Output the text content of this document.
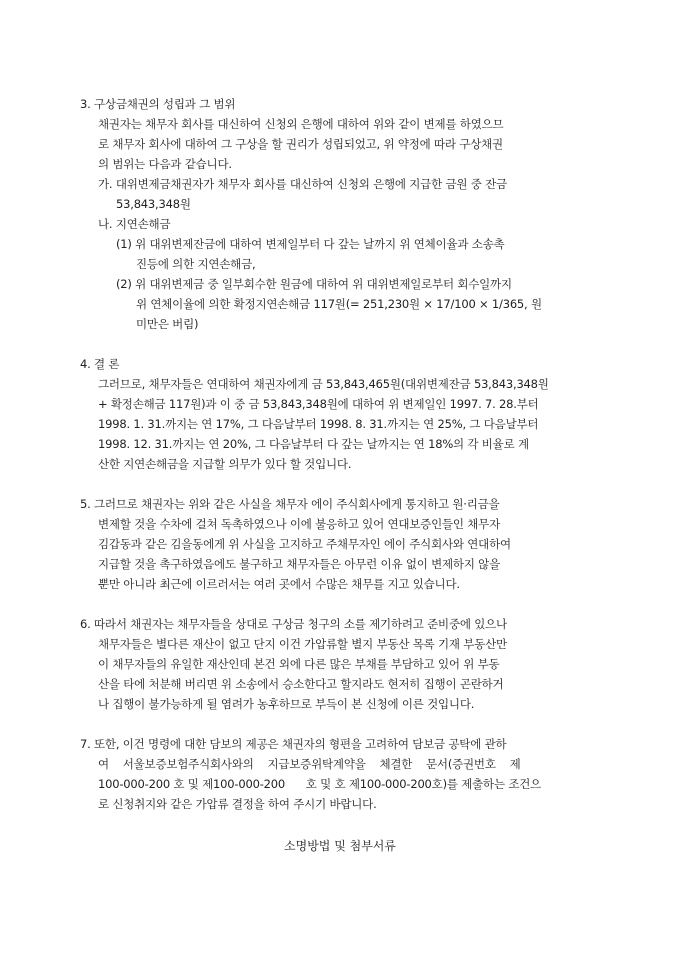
3. 구상금채권의 성립과 그 범위

채권자는 채무자 회사를 대신하여 신청외 은행에 대하여 위와 같이 변제를 하였으므

로 채무자 회사에 대하여 그 구상을 할 권리가 성립되었고, 위 약정에 따라 구상채권

의 범위는 다음과 같습니다.

가. 대위변제금채권자가 채무자 회사를 대신하여 신청외 은행에 지급한 금원 중 잔금

53,843,348원

나. 지연손해금

(1) 위 대위변제잔금에 대하여 변제일부터 다 갚는 날까지 위 연체이율과 소송촉

진등에 의한 지연손해금,

(2) 위 대위변제금 중 일부회수한 원금에 대하여 위 대위변제일로부터 회수일까지

위 연체이율에 의한 확정지연손해금 117원(= 251,230원 × 17/100 × 1/365, 원

미만은 버림)

4. 결 론

그러므로, 채무자들은 연대하여 채권자에게 금 53,843,465원(대위변제잔금 53,843,348원

+ 확정손해금 117원)과 이 중 금 53,843,348원에 대하여 위 변제일인 1997. 7. 28.부터

1998. 1. 31.까지는 연 17%, 그 다음날부터 1998. 8. 31.까지는 연 25%, 그 다음날부터

1998. 12. 31.까지는 연 20%, 그 다음날부터 다 갚는 날까지는 연 18%의 각 비율로 계

산한 지연손해금을 지급할 의무가 있다 할 것입니다.

5. 그러므로 채권자는 위와 같은 사실을 채무자 에이 주식회사에게 통지하고 원·리금을

변제할 것을 수차에 걸쳐 독촉하였으나 이에 불응하고 있어 연대보증인들인 채무자

김갑동과 같은 김을동에게 위 사실을 고지하고 주채무자인 에이 주식회사와 연대하여

지급할 것을 촉구하였음에도 불구하고 채무자들은 아무런 이유 없이 변제하지 않을

뿐만 아니라 최근에 이르러서는 여러 곳에서 수많은 채무를 지고 있습니다.

6. 따라서 채권자는 채무자들을 상대로 구상금 청구의 소를 제기하려고 준비중에 있으나

채무자들은 별다른 재산이 없고 단지 이건 가압류할 별지 부동산 목록 기재 부동산만

이 채무자들의 유일한 재산인데 본건 외에 다른 많은 부채를 부담하고 있어 위 부동

산을 타에 처분해 버리면 위 소송에서 승소한다고 할지라도 현저히 집행이 곤란하거

나 집행이 불가능하게 될 염려가 농후하므로 부득이 본 신청에 이른 것입니다.

7. 또한, 이건 명령에 대한 담보의 제공은 채권자의 형편을 고려하여 담보금 공탁에 관하

여    서울보증보험주식회사와의    지급보증위탁계약을    체결한    문서(증권번호    제

100-000-200 호 및 제100-000-200      호 및 호 제100-000-200호)를 제출하는 조건으

로 신청취지와 같은 가압류 결정을 하여 주시기 바랍니다.

소명방법 및 첨부서류
